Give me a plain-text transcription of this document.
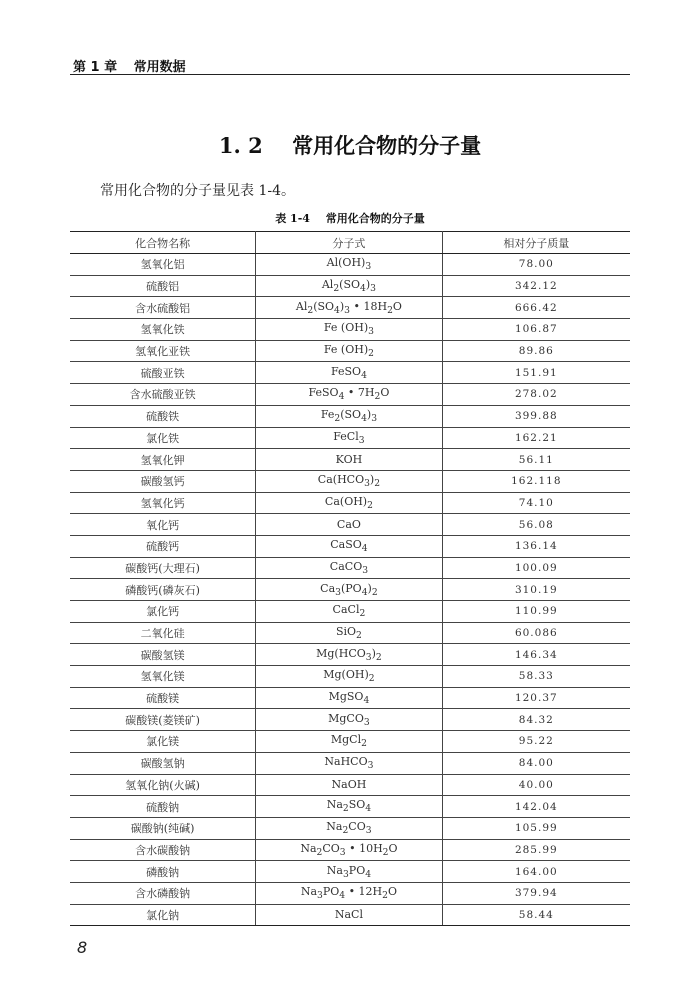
第 1 章 常用数据
1. 2 常用化合物的分子量
常用化合物的分子量见表 1-4。
表 1-4 常用化合物的分子量
化合物名称	分子式	相对分子质量
氢氧化铝	$Al(OH)_3$	78.00
硫酸铝	$Al_2(SO_4)_3$	342.12
含水硫酸铝	$Al_2(SO_4)_3$ • $18H_2O$	666.42
氢氧化铁	Fe $(OH)_3$	106.87
氢氧化亚铁	Fe $(OH)_2$	89.86
硫酸亚铁	FeSO$_4$	151.91
含水硫酸亚铁	FeSO$_4$ • $7H_2O$	278.02
硫酸铁	$Fe_2(SO_4)_3$	399.88
氯化铁	FeCl$_3$	162.21
氢氧化钾	KOH	56.11
碳酸氢钙	$Ca(HCO_3)_2$	162.118
氢氧化钙	$Ca(OH)_2$	74.10
氧化钙	CaO	56.08
硫酸钙	CaSO$_4$	136.14
碳酸钙(大理石)	CaCO$_3$	100.09
磷酸钙(磷灰石)	$Ca_3(PO_4)_2$	310.19
氯化钙	CaCl$_2$	110.99
二氧化硅	SiO$_2$	60.086
碳酸氢镁	$Mg(HCO_3)_2$	146.34
氢氧化镁	$Mg(OH)_2$	58.33
硫酸镁	MgSO$_4$	120.37
碳酸镁(菱镁矿)	MgCO$_3$	84.32
氯化镁	MgCl$_2$	95.22
碳酸氢钠	NaHCO$_3$	84.00
氢氧化钠(火碱)	NaOH	40.00
硫酸钠	$Na_2SO_4$	142.04
碳酸钠(纯碱)	$Na_2CO_3$	105.99
含水碳酸钠	$Na_2CO_3$ • $10H_2O$	285.99
磷酸钠	$Na_3PO_4$	164.00
含水磷酸钠	$Na_3PO_4$ • $12H_2O$	379.94
氯化钠	NaCl	58.44
8
